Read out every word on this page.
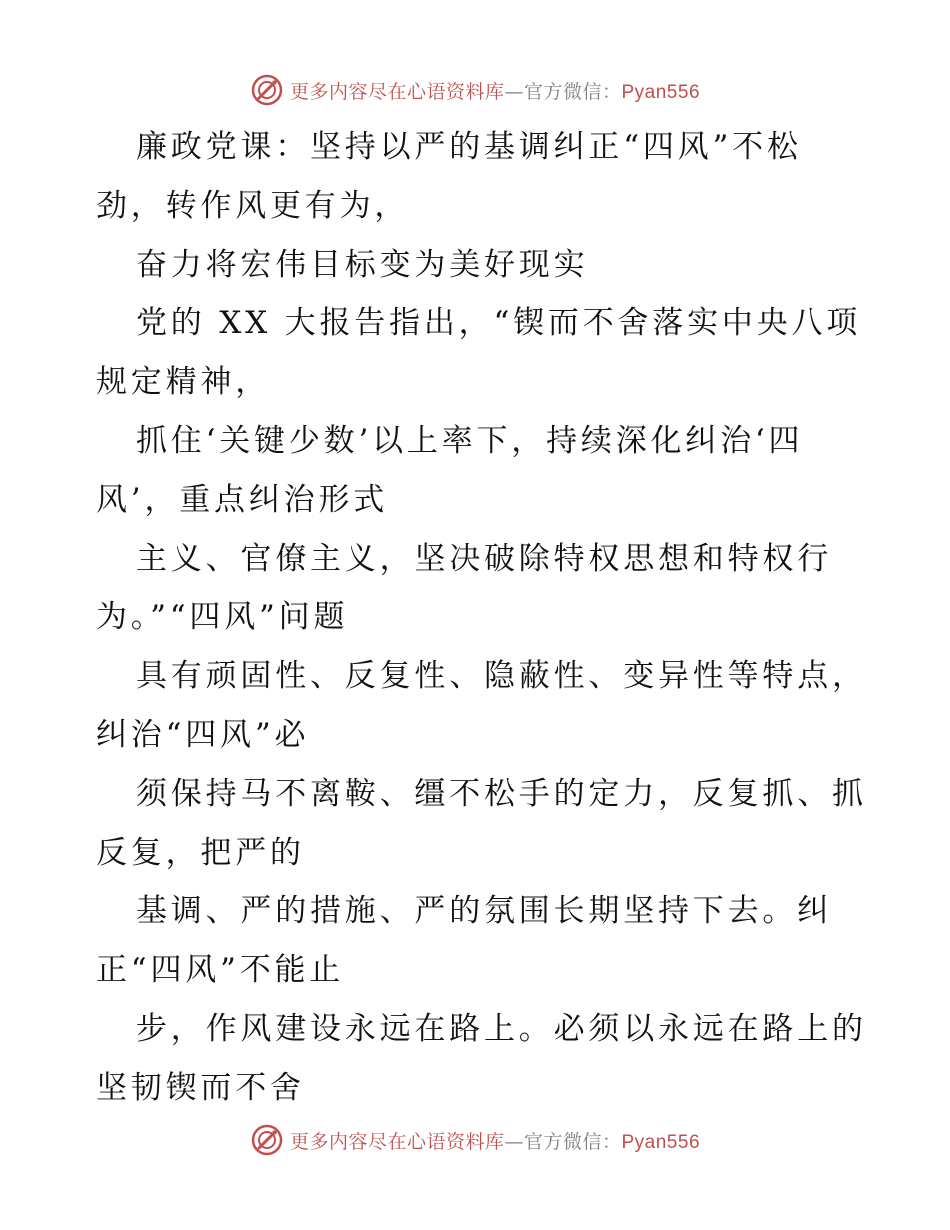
更多内容尽在心语资料库—官方微信：Pyan556
廉政党课：坚持以严的基调纠正“四风”不松
劲，转作风更有为，
奋力将宏伟目标变为美好现实
党的 XX 大报告指出，“锲而不舍落实中央八项
规定精神，
抓住‘关键少数’以上率下，持续深化纠治‘四
风’，重点纠治形式
主义、官僚主义，坚决破除特权思想和特权行
为。”“四风”问题
具有顽固性、反复性、隐蔽性、变异性等特点，
纠治“四风”必
须保持马不离鞍、缰不松手的定力，反复抓、抓
反复，把严的
基调、严的措施、严的氛围长期坚持下去。纠
正“四风”不能止
步，作风建设永远在路上。必须以永远在路上的
坚韧锲而不舍
更多内容尽在心语资料库—官方微信：Pyan556
